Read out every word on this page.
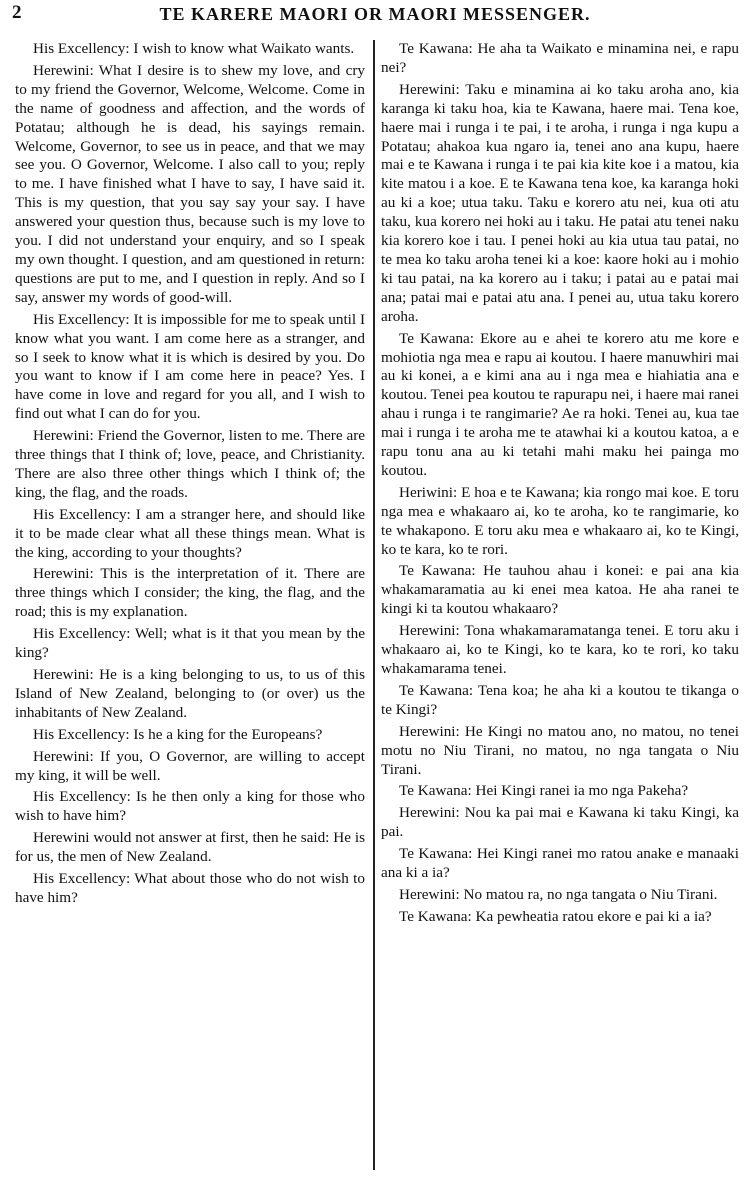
2	TE KARERE MAORI OR MAORI MESSENGER.

His Excellency: I wish to know what Waikato wants.

Herewini: What I desire is to shew my love, and cry to my friend the Governor, Welcome, Welcome. Come in the name of goodness and affection, and the words of Potatau; although he is dead, his sayings remain. Welcome, Governor, to see us in peace, and that we may see you. O Governor, Welcome. I also call to you; reply to me. I have finished what I have to say, I have said it. This is my question, that you say say your say. I have answered your question thus, because such is my love to you. I did not understand your enquiry, and so I speak my own thought. I question, and am questioned in return: questions are put to me, and I question in reply. And so I say, answer my words of good-will.

His Excellency: It is impossible for me to speak until I know what you want. I am come here as a stranger, and so I seek to know what it is which is desired by you. Do you want to know if I am come here in peace? Yes. I have come in love and regard for you all, and I wish to find out what I can do for you.

Herewini: Friend the Governor, listen to me. There are three things that I think of; love, peace, and Christianity. There are also three other things which I think of; the king, the flag, and the roads.

His Excellency: I am a stranger here, and should like it to be made clear what all these things mean. What is the king, according to your thoughts?

Herewini: This is the interpretation of it. There are three things which I consider; the king, the flag, and the road; this is my explanation.

His Excellency: Well; what is it that you mean by the king?

Herewini: He is a king belonging to us, to us of this Island of New Zealand, belonging to (or over) us the inhabitants of New Zealand.

His Excellency: Is he a king for the Europeans?

Herewini: If you, O Governor, are willing to accept my king, it will be well.

His Excellency: Is he then only a king for those who wish to have him?

Herewini would not answer at first, then he said: He is for us, the men of New Zealand.

His Excellency: What about those who do not wish to have him?

Te Kawana: He aha ta Waikato e minamina nei, e rapu nei?

Herewini: Taku e minamina ai ko taku aroha ano, kia karanga ki taku hoa, kia te Kawana, haere mai. Tena koe, haere mai i runga i te pai, i te aroha, i runga i nga kupu a Potatau; ahakoa kua ngaro ia, tenei ano ana kupu, haere mai e te Kawana i runga i te pai kia kite koe i a matou, kia kite matou i a koe. E te Kawana tena koe, ka karanga hoki au ki a koe; utua taku. Taku e korero atu nei, kua oti atu taku, kua korero nei hoki au i taku. He patai atu tenei naku kia korero koe i tau. I penei hoki au kia utua tau patai, no te mea ko taku aroha tenei ki a koe: kaore hoki au i mohio ki tau patai, na ka korero au i taku; i patai au e patai mai ana; patai mai e patai atu ana. I penei au, utua taku korero aroha.

Te Kawana: Ekore au e ahei te korero atu me kore e mohiotia nga mea e rapu ai koutou. I haere manuwhiri mai au ki konei, a e kimi ana au i nga mea e hiahiatia ana e koutou. Tenei pea koutou te rapurapu nei, i haere mai ranei ahau i runga i te rangimarie? Ae ra hoki. Tenei au, kua tae mai i runga i te aroha me te atawhai ki a koutou katoa, a e rapu tonu ana au ki tetahi mahi maku hei painga mo koutou.

Heriwini: E hoa e te Kawana; kia rongo mai koe. E toru nga mea e whakaaro ai, ko te aroha, ko te rangimarie, ko te whakapono. E toru aku mea e whakaaro ai, ko te Kingi, ko te kara, ko te rori.

Te Kawana: He tauhou ahau i konei: e pai ana kia whakamaramatia au ki enei mea katoa. He aha ranei te kingi ki ta koutou whakaaro?

Herewini: Tona whakamaramatanga tenei. E toru aku i whakaaro ai, ko te Kingi, ko te kara, ko te rori, ko taku whakamarama tenei.

Te Kawana: Tena koa; he aha ki a koutou te tikanga o te Kingi?

Herewini: He Kingi no matou ano, no matou, no tenei motu no Niu Tirani, no matou, no nga tangata o Niu Tirani.

Te Kawana: Hei Kingi ranei ia mo nga Pakeha?

Herewini: Nou ka pai mai e Kawana ki taku Kingi, ka pai.

Te Kawana: Hei Kingi ranei mo ratou anake e manaaki ana ki a ia?

Herewini: No matou ra, no nga tangata o Niu Tirani.

Te Kawana: Ka pewheatia ratou ekore e pai ki a ia?
